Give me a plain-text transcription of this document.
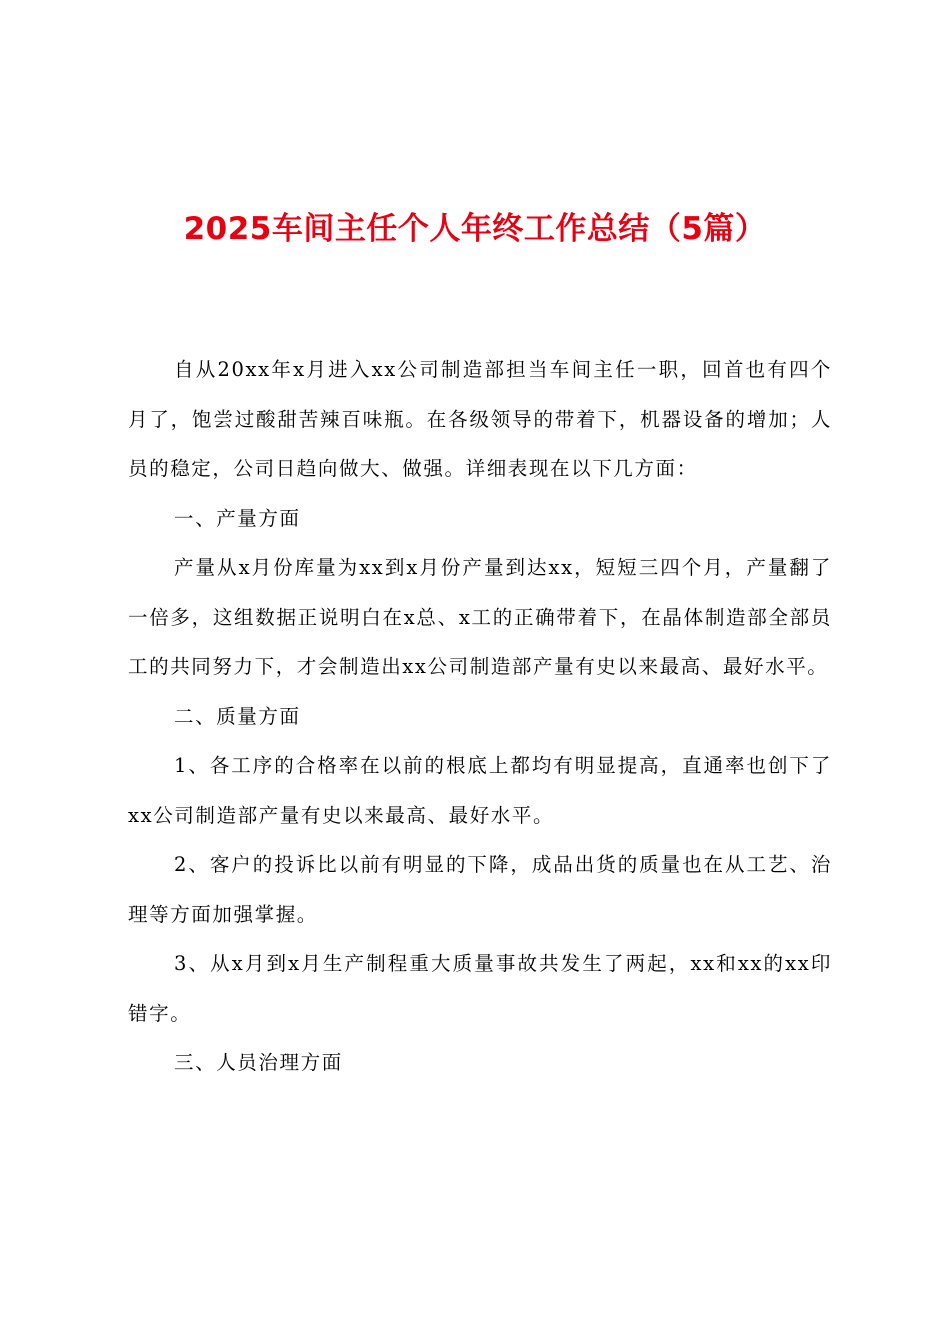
2025车间主任个人年终工作总结（5篇）

自从20xx年x月进入xx公司制造部担当车间主任一职，回首也有四个月了，饱尝过酸甜苦辣百味瓶。在各级领导的带着下，机器设备的增加；人员的稳定，公司日趋向做大、做强。详细表现在以下几方面：

一、产量方面

产量从x月份库量为xx到x月份产量到达xx，短短三四个月，产量翻了一倍多，这组数据正说明白在x总、x工的正确带着下，在晶体制造部全部员工的共同努力下，才会制造出xx公司制造部产量有史以来最高、最好水平。

二、质量方面

1、各工序的合格率在以前的根底上都均有明显提高，直通率也创下了xx公司制造部产量有史以来最高、最好水平。

2、客户的投诉比以前有明显的下降，成品出货的质量也在从工艺、治理等方面加强掌握。

3、从x月到x月生产制程重大质量事故共发生了两起，xx和xx的xx印错字。

三、人员治理方面
